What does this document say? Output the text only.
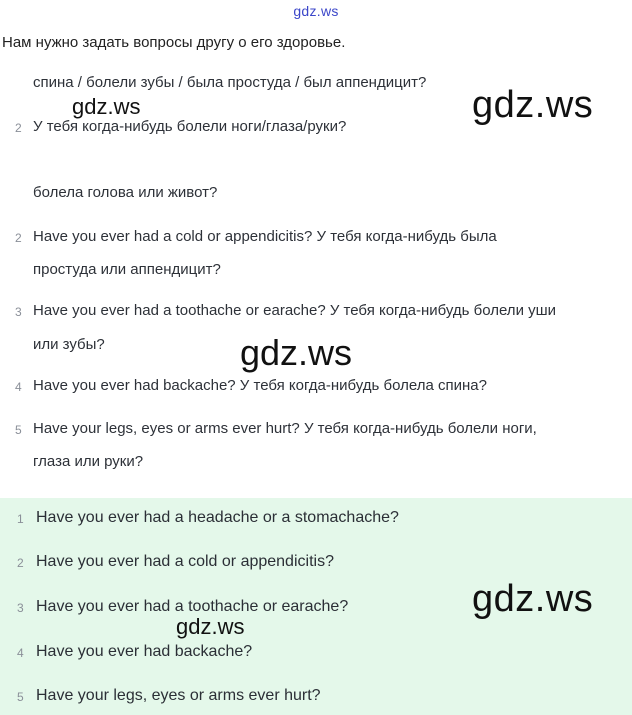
gdz.ws
Нам нужно задать вопросы другу о его здоровье.
спина / болели зубы / была простуда / был аппендицит?
2 У тебя когда-нибудь болели ноги/глаза/руки?
болела голова или живот?
2 Have you ever had a cold or appendicitis? У тебя когда-нибудь была
простуда или аппендицит?
3 Have you ever had a toothache or earache? У тебя когда-нибудь болели уши
или зубы?
4 Have you ever had backache? У тебя когда-нибудь болела спина?
5 Have your legs, eyes or arms ever hurt? У тебя когда-нибудь болели ноги,
глаза или руки?
1 Have you ever had a headache or a stomachache?
2 Have you ever had a cold or appendicitis?
3 Have you ever had a toothache or earache?
4 Have you ever had backache?
5 Have your legs, eyes or arms ever hurt?
gdz.ws	gdz.ws
gdz.ws
gdz.ws
gdz.ws
